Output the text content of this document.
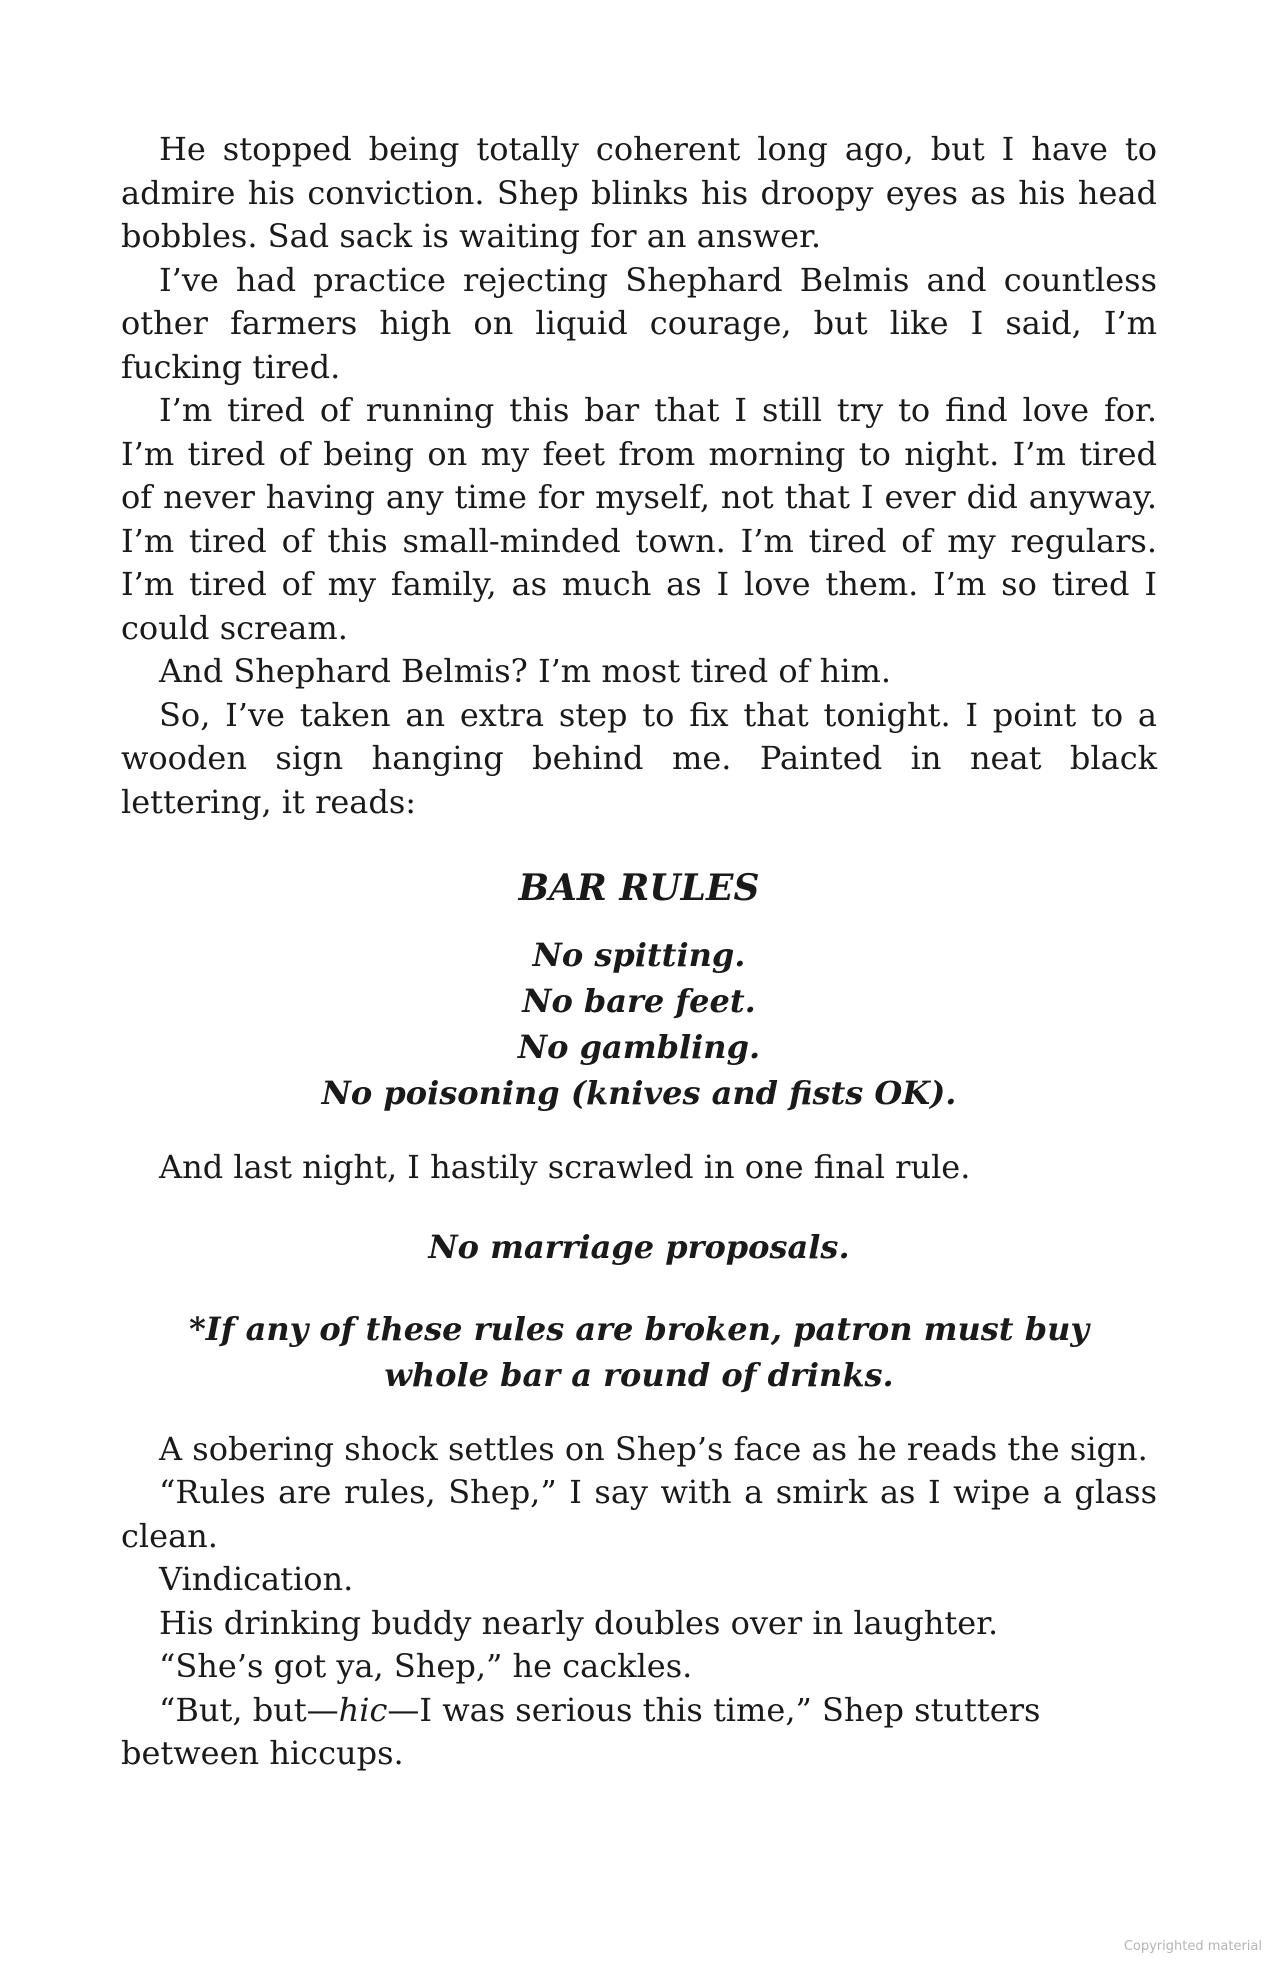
He stopped being totally coherent long ago, but I have to admire his conviction. Shep blinks his droopy eyes as his head bobbles. Sad sack is waiting for an answer.

I’ve had practice rejecting Shephard Belmis and countless other farmers high on liquid courage, but like I said, I’m fucking tired.

I’m tired of running this bar that I still try to find love for. I’m tired of being on my feet from morning to night. I’m tired of never having any time for myself, not that I ever did anyway. I’m tired of this small-minded town. I’m tired of my regulars. I’m tired of my family, as much as I love them. I’m so tired I could scream.

And Shephard Belmis? I’m most tired of him.

So, I’ve taken an extra step to fix that tonight. I point to a wooden sign hanging behind me. Painted in neat black lettering, it reads:

BAR RULES
No spitting.
No bare feet.
No gambling.
No poisoning (knives and fists OK).

And last night, I hastily scrawled in one final rule.

No marriage proposals.
*If any of these rules are broken, patron must buy
whole bar a round of drinks.

A sobering shock settles on Shep’s face as he reads the sign.

“Rules are rules, Shep,” I say with a smirk as I wipe a glass clean.

Vindication.

His drinking buddy nearly doubles over in laughter.

“She’s got ya, Shep,” he cackles.

“But, but—hic—I was serious this time,” Shep stutters between hiccups.

Copyrighted material
